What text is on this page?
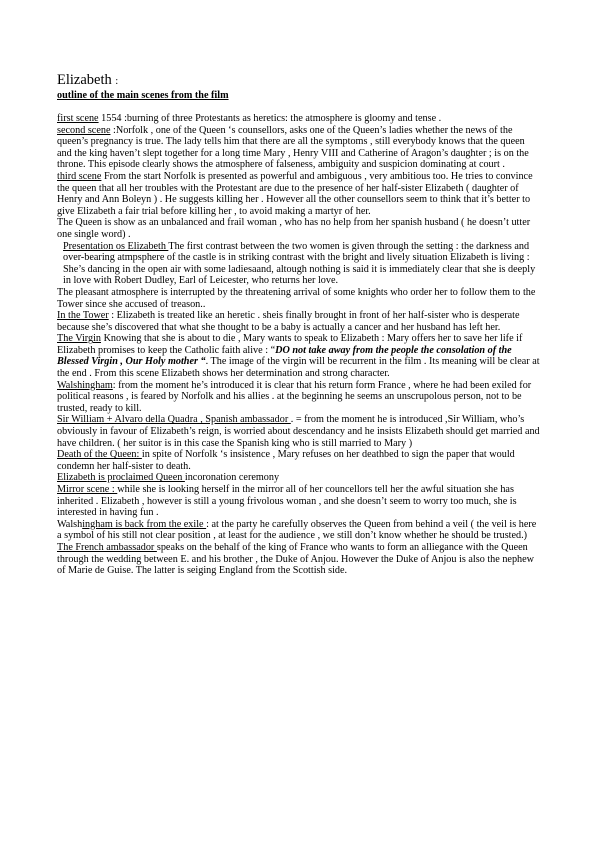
Elizabeth :
outline of the main scenes from the film
first scene 1554 :burning of three Protestants as heretics: the atmosphere is gloomy and tense .
second scene :Norfolk , one of the Queen ‘s counsellors, asks one of the Queen’s ladies whether the news of the queen’s pregnancy is true. The lady tells him that there are all the symptoms , still everybody knows that the queen and the king haven’t slept together for a long time Mary , Henry VIII and Catherine of Aragon’s daughter ; is on the throne. This episode clearly shows the atmosphere of falseness, ambiguity and suspicion dominating at court .
third scene From the start Norfolk is presented as powerful and ambiguous , very ambitious too. He tries to convince the queen that all her troubles with the Protestant are due to the presence of her half-sister Elizabeth ( daughter of Henry and Ann Boleyn ) . He suggests killing her . However all the other counsellors seem to think that it’s better to give Elizabeth a fair trial before killing her , to avoid making a martyr of her.
The Queen is show as an unbalanced and frail woman , who has no help from her spanish husband ( he doesn’t utter one single word) .
Presentation os Elizabeth The first contrast between the two women is given through the setting : the darkness and over-bearing atmpsphere of the castle is in striking contrast with the bright and lively situation Elizabeth is living : She’s dancing in the open air with some ladiesaand, altough nothing is said it is immediately clear that she is deeply in love with Robert Dudley, Earl of Leicester, who returns her love.
The pleasant atmosphere is interrupted by the threatening arrival of some knights who order her to follow them to the Tower since she accused of treason..
In the Tower : Elizabeth is treated like an heretic . sheis finally brought in front of her half-sister who is desperate because she’s discovered that what she thought to be a baby is actually a cancer and her husband has left her.
The Virgin Knowing that she is about to die , Mary wants to speak to Elizabeth : Mary offers her to save her life if Elizabeth promises to keep the Catholic faith alive : “DO not take away from the people the consolation of the Blessed Virgin , Our Holy mother “. The image of the virgin will be recurrent in the film . Its meaning will be clear at the end . From this scene Elizabeth shows her determination and strong character.
Walshingham: from the moment he’s introduced it is clear that his return form France , where he had been exiled for political reasons , is feared by Norfolk and his allies . at the beginning he seems an unscrupolous person, not to be trusted, ready to kill.
Sir William + Alvaro della Quadra , Spanish ambassador . = from the moment he is introduced ,Sir William, who’s obviously in favour of Elizabeth’s reign, is worried about descendancy and he insists Elizabeth should get married and have children. ( her suitor is in this case the Spanish king who is still married to Mary )
Death of the Queen: in spite of Norfolk ‘s insistence , Mary refuses on her deathbed to sign the paper that would condemn her half-sister to death.
Elizabeth is proclaimed Queen incoronation ceremony
Mirror scene : while she is looking herself in the mirror all of her councellors tell her the awful situation she has inherited . Elizabeth , however is still a young frivolous woman , and she doesn’t seem to worry too much, she is interested in having fun .
Walshingham is back from the exile : at the party he carefully observes the Queen from behind a veil ( the veil is here a symbol of his still not clear position , at least for the audience , we still don’t know whether he should be trusted.)
The French ambassador speaks on the behalf of the king of France who wants to form an alliegance with the Queen through the wedding between E. and his brother , the Duke of Anjou. However the Duke of Anjou is also the nephew of Marie de Guise. The latter is seiging England from the Scottish side.
